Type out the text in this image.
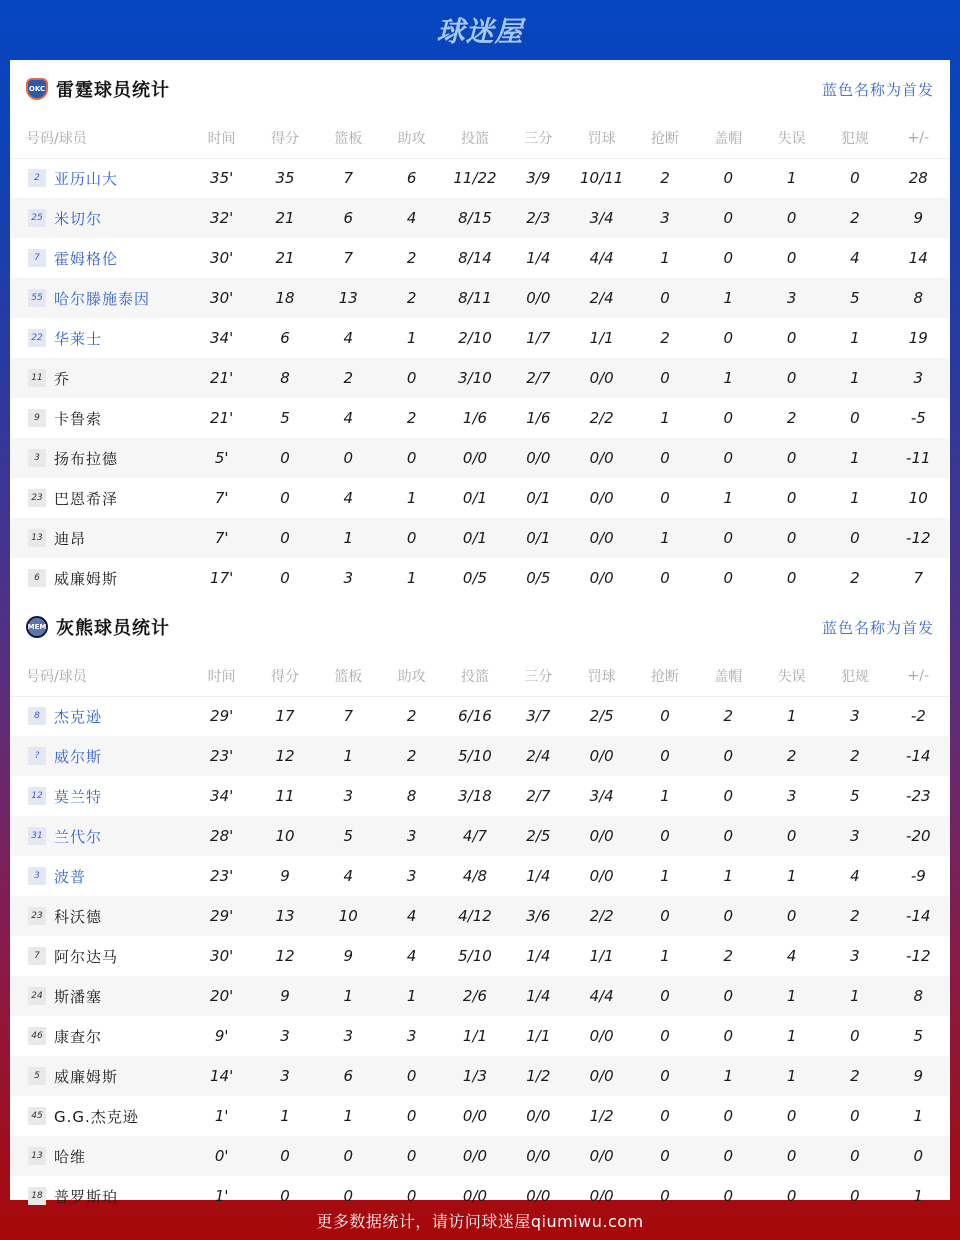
球迷屋
OKC 雷霆球员统计	蓝色名称为首发
号码/球员	时间	得分	篮板	助攻	投篮	三分	罚球	抢断	盖帽	失误	犯规	+/-
2 亚历山大	35'	35	7	6	11/22	3/9	10/11	2	0	1	0	28
25 米切尔	32'	21	6	4	8/15	2/3	3/4	3	0	0	2	9
7 霍姆格伦	30'	21	7	2	8/14	1/4	4/4	1	0	0	4	14
55 哈尔滕施泰因	30'	18	13	2	8/11	0/0	2/4	0	1	3	5	8
22 华莱士	34'	6	4	1	2/10	1/7	1/1	2	0	0	1	19
11 乔	21'	8	2	0	3/10	2/7	0/0	0	1	0	1	3
9 卡鲁索	21'	5	4	2	1/6	1/6	2/2	1	0	2	0	-5
3 扬布拉德	5'	0	0	0	0/0	0/0	0/0	0	0	0	1	-11
23 巴恩希泽	7'	0	4	1	0/1	0/1	0/0	0	1	0	1	10
13 迪昂	7'	0	1	0	0/1	0/1	0/0	1	0	0	0	-12
6 威廉姆斯	17'	0	3	1	0/5	0/5	0/0	0	0	0	2	7
MEM 灰熊球员统计	蓝色名称为首发
号码/球员	时间	得分	篮板	助攻	投篮	三分	罚球	抢断	盖帽	失误	犯规	+/-
8 杰克逊	29'	17	7	2	6/16	3/7	2/5	0	2	1	3	-2
? 威尔斯	23'	12	1	2	5/10	2/4	0/0	0	0	2	2	-14
12 莫兰特	34'	11	3	8	3/18	2/7	3/4	1	0	3	5	-23
31 兰代尔	28'	10	5	3	4/7	2/5	0/0	0	0	0	3	-20
3 波普	23'	9	4	3	4/8	1/4	0/0	1	1	1	4	-9
23 科沃德	29'	13	10	4	4/12	3/6	2/2	0	0	0	2	-14
7 阿尔达马	30'	12	9	4	5/10	1/4	1/1	1	2	4	3	-12
24 斯潘塞	20'	9	1	1	2/6	1/4	4/4	0	0	1	1	8
46 康查尔	9'	3	3	3	1/1	1/1	0/0	0	0	1	0	5
5 威廉姆斯	14'	3	6	0	1/3	1/2	0/0	0	1	1	2	9
45 G.G.杰克逊	1'	1	1	0	0/0	0/0	1/2	0	0	0	0	1
13 哈维	0'	0	0	0	0/0	0/0	0/0	0	0	0	0	0
18 普罗斯珀	1'	0	0	0	0/0	0/0	0/0	0	0	0	0	1
更多数据统计，请访问球迷屋qiumiwu.com
